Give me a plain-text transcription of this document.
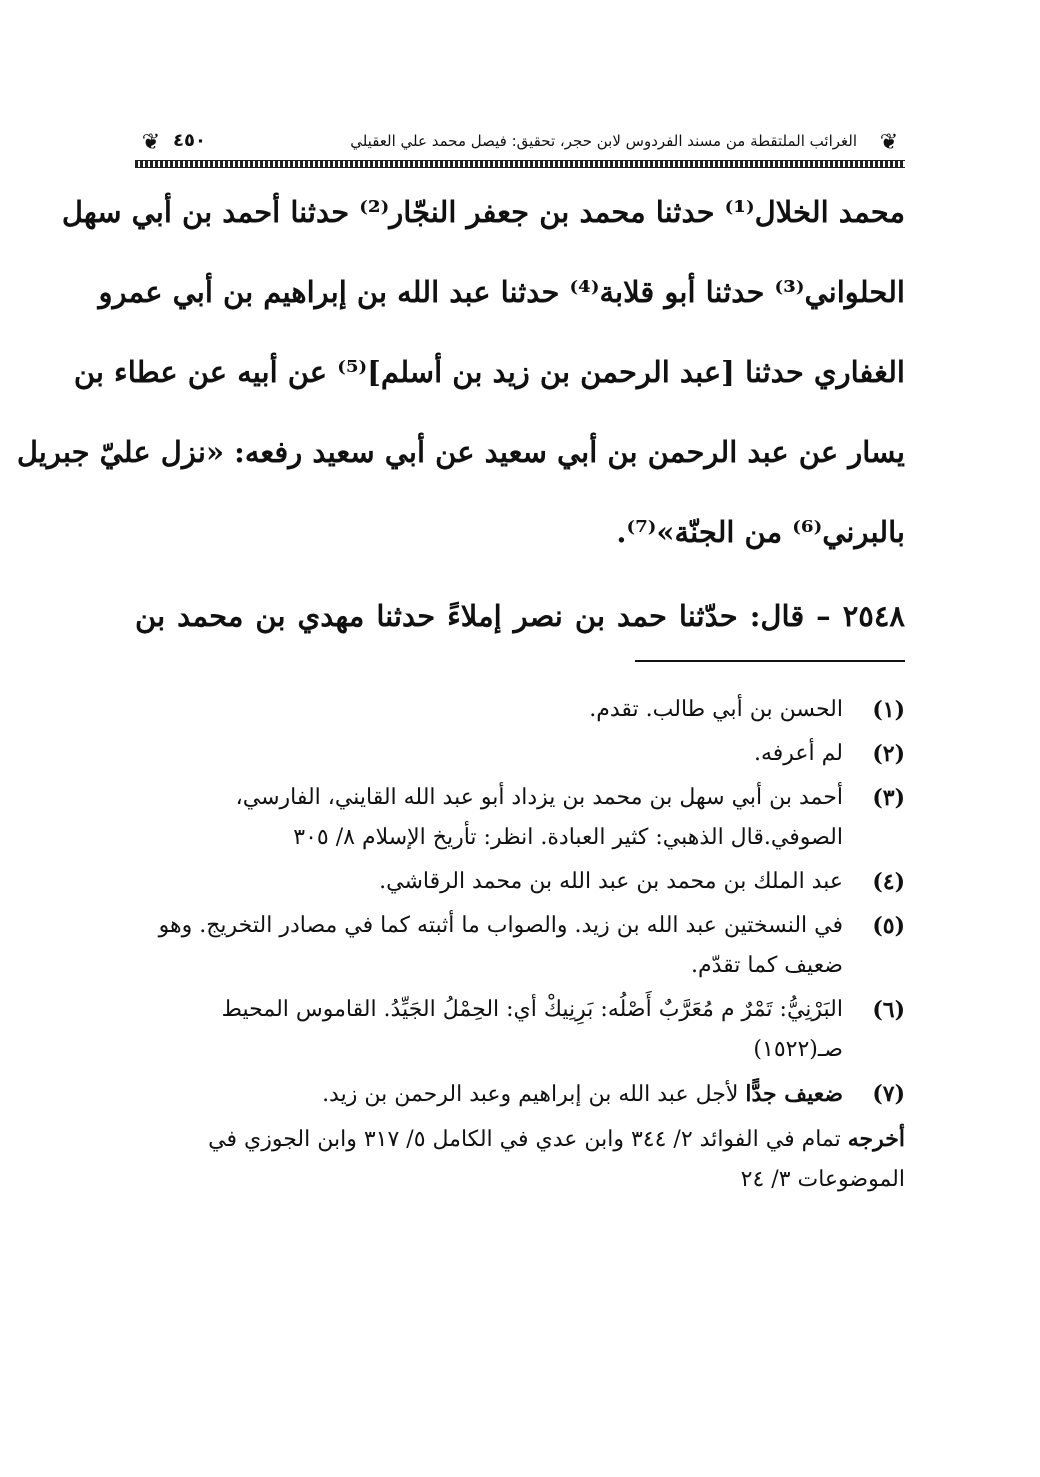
❦
الغرائب الملتقطة من مسند الفردوس لابن حجر، تحقيق: فيصل محمد علي العقيلي
٤٥٠
❦
محمد الخلال⁽¹⁾ حدثنا محمد بن جعفر النجّار⁽²⁾ حدثنا أحمد بن أبي سهل
الحلواني⁽³⁾ حدثنا أبو قلابة⁽⁴⁾ حدثنا عبد الله بن إبراهيم بن أبي عمرو
الغفاري حدثنا [عبد الرحمن بن زيد بن أسلم]⁽⁵⁾ عن أبيه عن عطاء بن
يسار عن عبد الرحمن بن أبي سعيد عن أبي سعيد رفعه: «نزل عليّ جبريل
بالبرني⁽⁶⁾ من الجنّة»⁽⁷⁾.
٢٥٤٨ – قال: حدّثنا حمد بن نصر إملاءً حدثنا مهدي بن محمد بن
(١)
الحسن بن أبي طالب. تقدم.
(٢)
لم أعرفه.
(٣)
أحمد بن أبي سهل بن محمد بن يزداد أبو عبد الله القايني، الفارسي، الصوفي.قال الذهبي: كثير العبادة. انظر: تأريخ الإسلام ٨/ ٣٠٥
(٤)
عبد الملك بن محمد بن عبد الله بن محمد الرقاشي.
(٥)
في النسختين عبد الله بن زيد. والصواب ما أثبته كما في مصادر التخريج. وهو ضعيف كما تقدّم.
(٦)
البَرْنِيُّ: تَمْرٌ م مُعَرَّبٌ أَصْلُه: بَرِنِيكْ أي: الحِمْلُ الجَيِّدُ. القاموس المحيط صـ(١٥٢٢)
(٧)
ضعيف جدًّا لأجل عبد الله بن إبراهيم وعبد الرحمن بن زيد.
أخرجه تمام في الفوائد ٢/ ٣٤٤ وابن عدي في الكامل ٥/ ٣١٧ وابن الجوزي في الموضوعات ٣/ ٢٤
